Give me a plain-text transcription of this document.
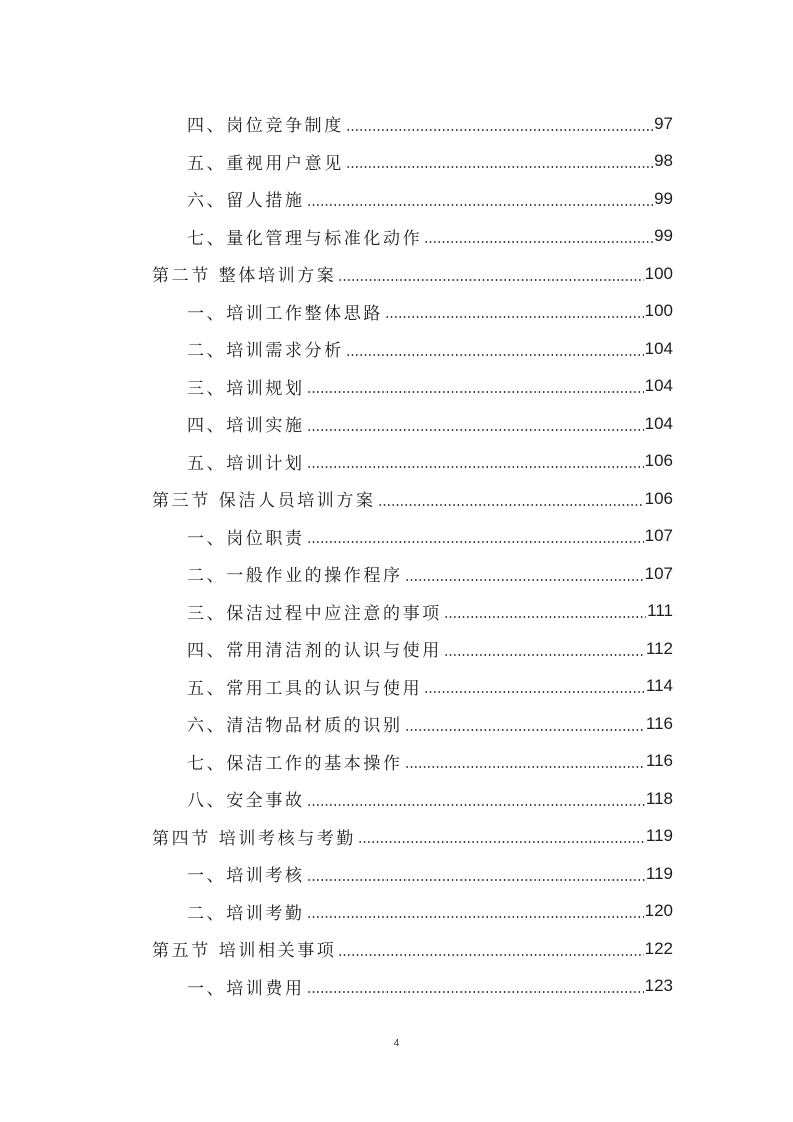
四、岗位竞争制度	97
五、重视用户意见	98
六、留人措施	99
七、量化管理与标准化动作	99
第二节 整体培训方案	100
一、培训工作整体思路	100
二、培训需求分析	104
三、培训规划	104
四、培训实施	104
五、培训计划	106
第三节 保洁人员培训方案	106
一、岗位职责	107
二、一般作业的操作程序	107
三、保洁过程中应注意的事项	111
四、常用清洁剂的认识与使用	112
五、常用工具的认识与使用	114
六、清洁物品材质的识别	116
七、保洁工作的基本操作	116
八、安全事故	118
第四节 培训考核与考勤	119
一、培训考核	119
二、培训考勤	120
第五节 培训相关事项	122
一、培训费用	123
4
